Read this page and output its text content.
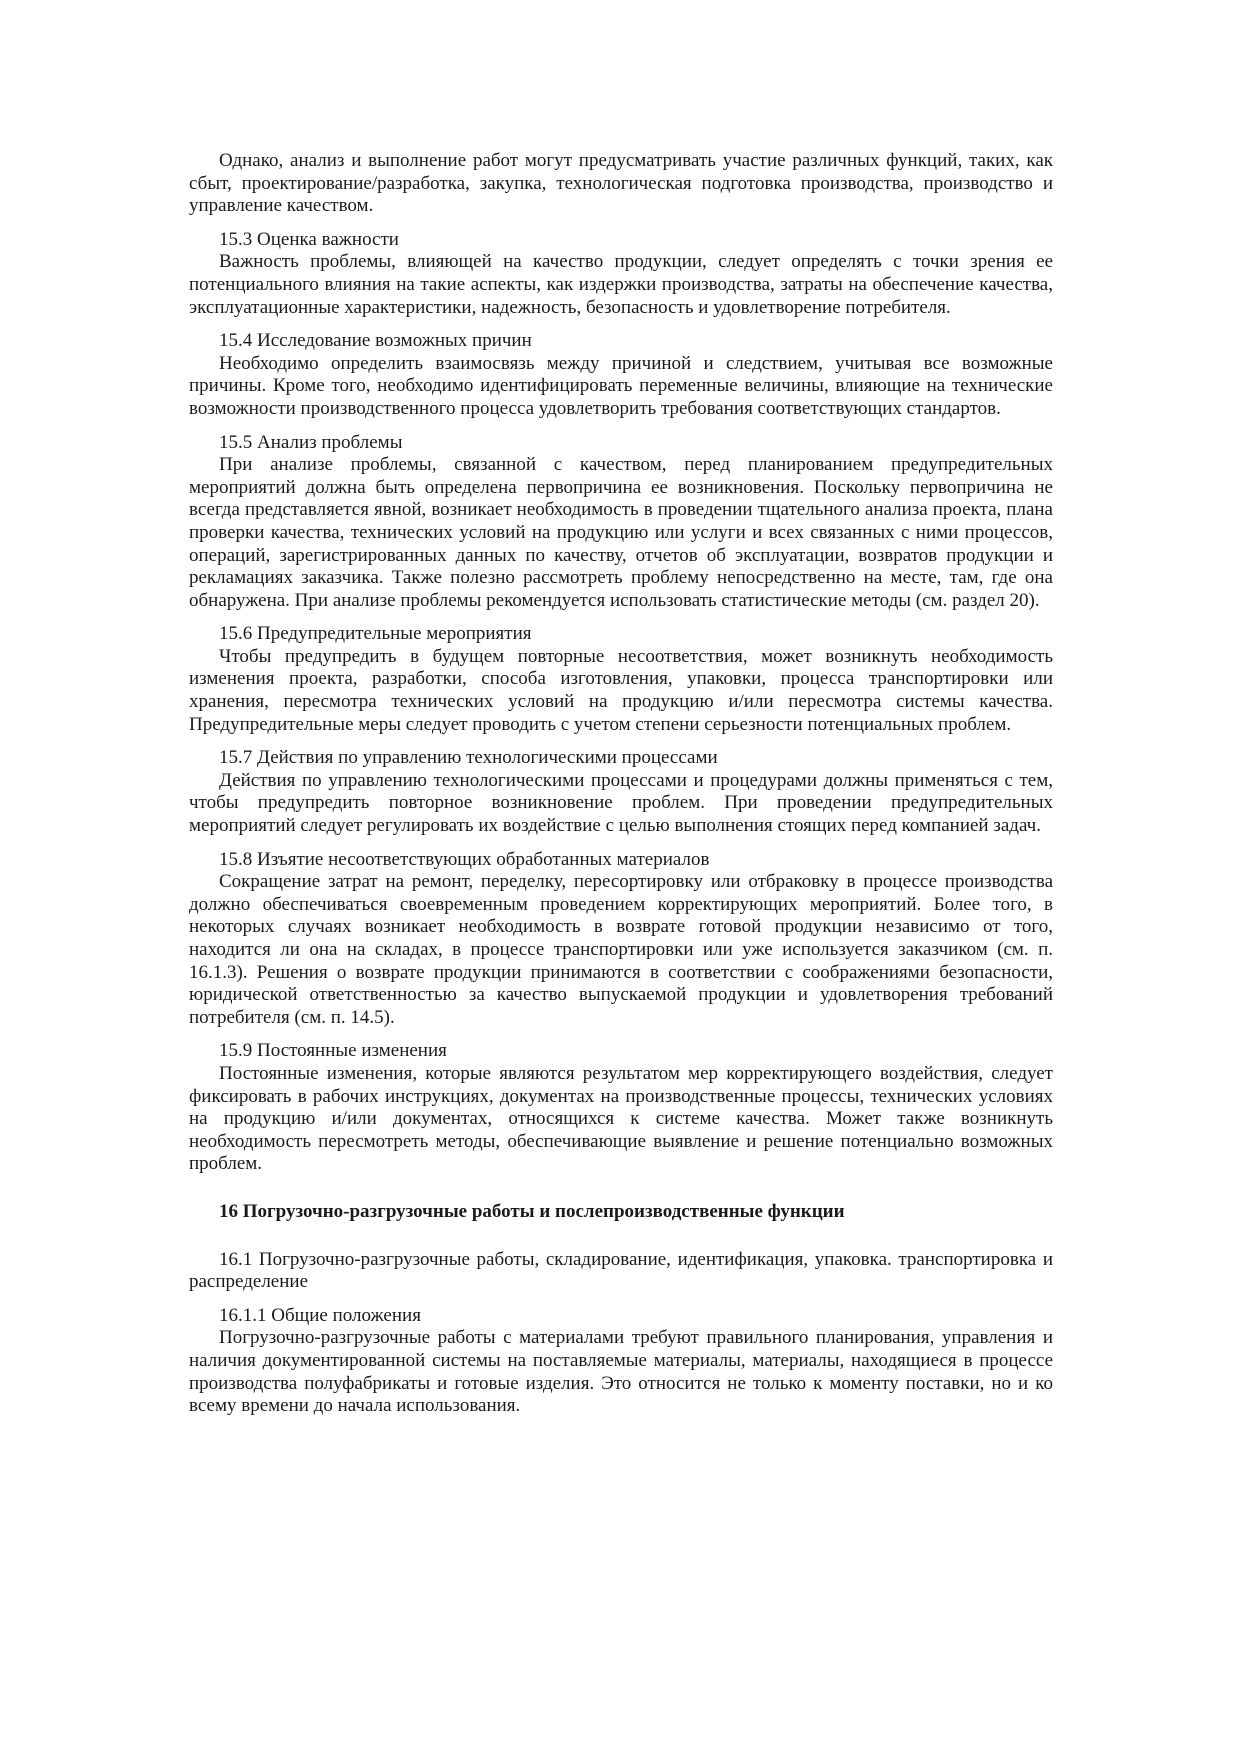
Однако, анализ и выполнение работ могут предусматривать участие различных функций, таких, как сбыт, проектирование/разработка, закупка, технологическая подготовка производства, производство и управление качеством.

15.3 Оценка важности

Важность проблемы, влияющей на качество продукции, следует определять с точки зрения ее потенциального влияния на такие аспекты, как издержки производства, затраты на обеспечение качества, эксплуатационные характеристики, надежность, безопасность и удовлетворение потребителя.

15.4 Исследование возможных причин

Необходимо определить взаимосвязь между причиной и следствием, учитывая все возможные причины. Кроме того, необходимо идентифицировать переменные величины, влияющие на технические возможности производственного процесса удовлетворить требования соответствующих стандартов.

15.5 Анализ проблемы

При анализе проблемы, связанной с качеством, перед планированием предупредительных мероприятий должна быть определена первопричина ее возникновения. Поскольку первопричина не всегда представляется явной, возникает необходимость в проведении тщательного анализа проекта, плана проверки качества, технических условий на продукцию или услуги и всех связанных с ними процессов, операций, зарегистрированных данных по качеству, отчетов об эксплуатации, возвратов продукции и рекламациях заказчика. Также полезно рассмотреть проблему непосредственно на месте, там, где она обнаружена. При анализе проблемы рекомендуется использовать статистические методы (см. раздел 20).

15.6 Предупредительные мероприятия

Чтобы предупредить в будущем повторные несоответствия, может возникнуть необходимость изменения проекта, разработки, способа изготовления, упаковки, процесса транспортировки или хранения, пересмотра технических условий на продукцию и/или пересмотра системы качества. Предупредительные меры следует проводить с учетом степени серьезности потенциальных проблем.

15.7 Действия по управлению технологическими процессами

Действия по управлению технологическими процессами и процедурами должны применяться с тем, чтобы предупредить повторное возникновение проблем. При проведении предупредительных мероприятий следует регулировать их воздействие с целью выполнения стоящих перед компанией задач.

15.8 Изъятие несоответствующих обработанных материалов

Сокращение затрат на ремонт, переделку, пересортировку или отбраковку в процессе производства должно обеспечиваться своевременным проведением корректирующих мероприятий. Более того, в некоторых случаях возникает необходимость в возврате готовой продукции независимо от того, находится ли она на складах, в процессе транспортировки или уже используется заказчиком (см. п. 16.1.3). Решения о возврате продукции принимаются в соответствии с соображениями безопасности, юридической ответственностью за качество выпускаемой продукции и удовлетворения требований потребителя (см. п. 14.5).

15.9 Постоянные изменения

Постоянные изменения, которые являются результатом мер корректирующего воздействия, следует фиксировать в рабочих инструкциях, документах на производственные процессы, технических условиях на продукцию и/или документах, относящихся к системе качества. Может также возникнуть необходимость пересмотреть методы, обеспечивающие выявление и решение потенциально возможных проблем.

16 Погрузочно-разгрузочные работы и послепроизводственные функции

16.1 Погрузочно-разгрузочные работы, складирование, идентификация, упаковка. транспортировка и распределение

16.1.1 Общие положения

Погрузочно-разгрузочные работы с материалами требуют правильного планирования, управления и наличия документированной системы на поставляемые материалы, материалы, находящиеся в процессе производства полуфабрикаты и готовые изделия. Это относится не только к моменту поставки, но и ко всему времени до начала использования.
